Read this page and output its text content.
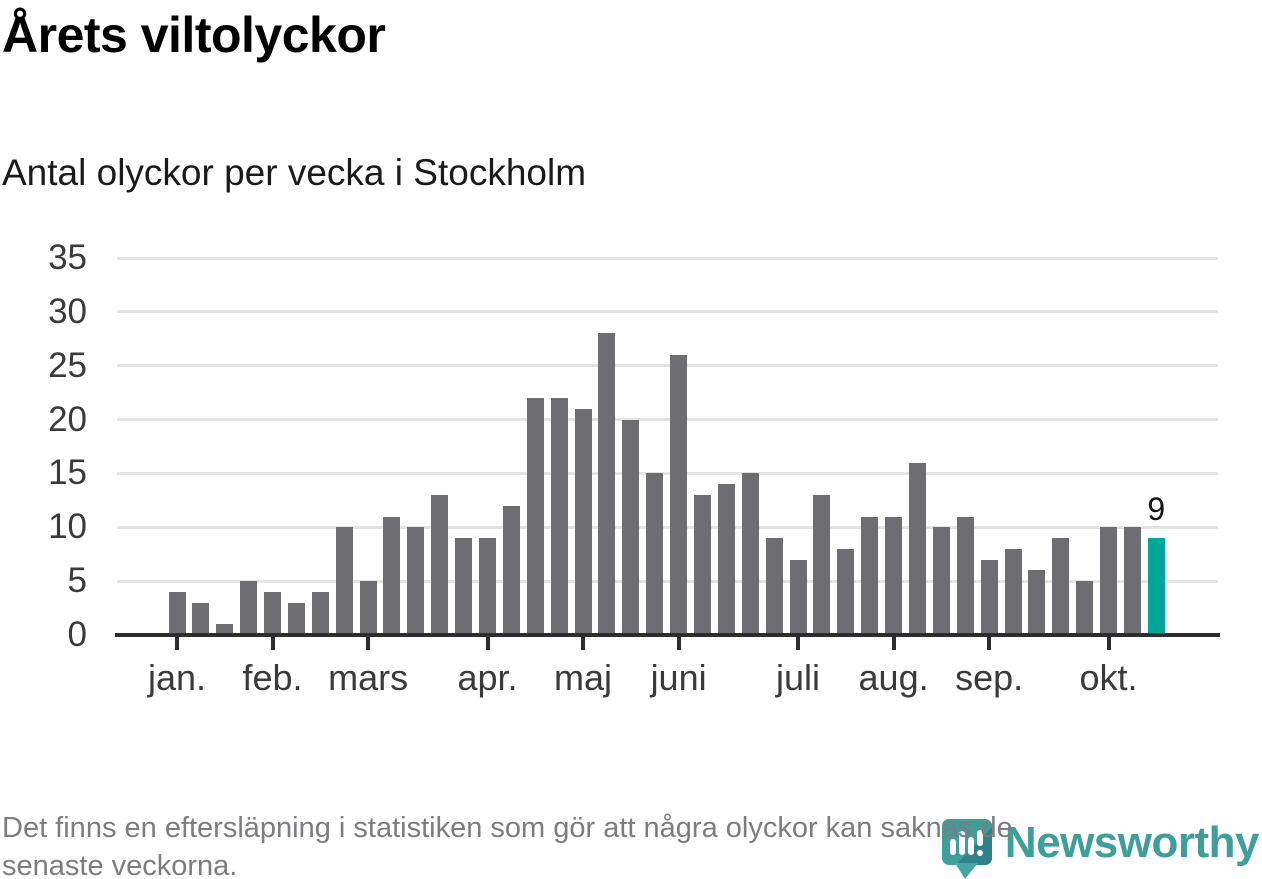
Årets viltolyckor
Antal olyckor per vecka i Stockholm
0
5
10
15
20
25
30
35
jan.	feb. mars	apr.	maj	juni	juli	aug. sep.	okt.
9
Det finns en eftersläpning i statistiken som gör att några olyckor kan saknas de
senaste veckorna.	Newsworthy
